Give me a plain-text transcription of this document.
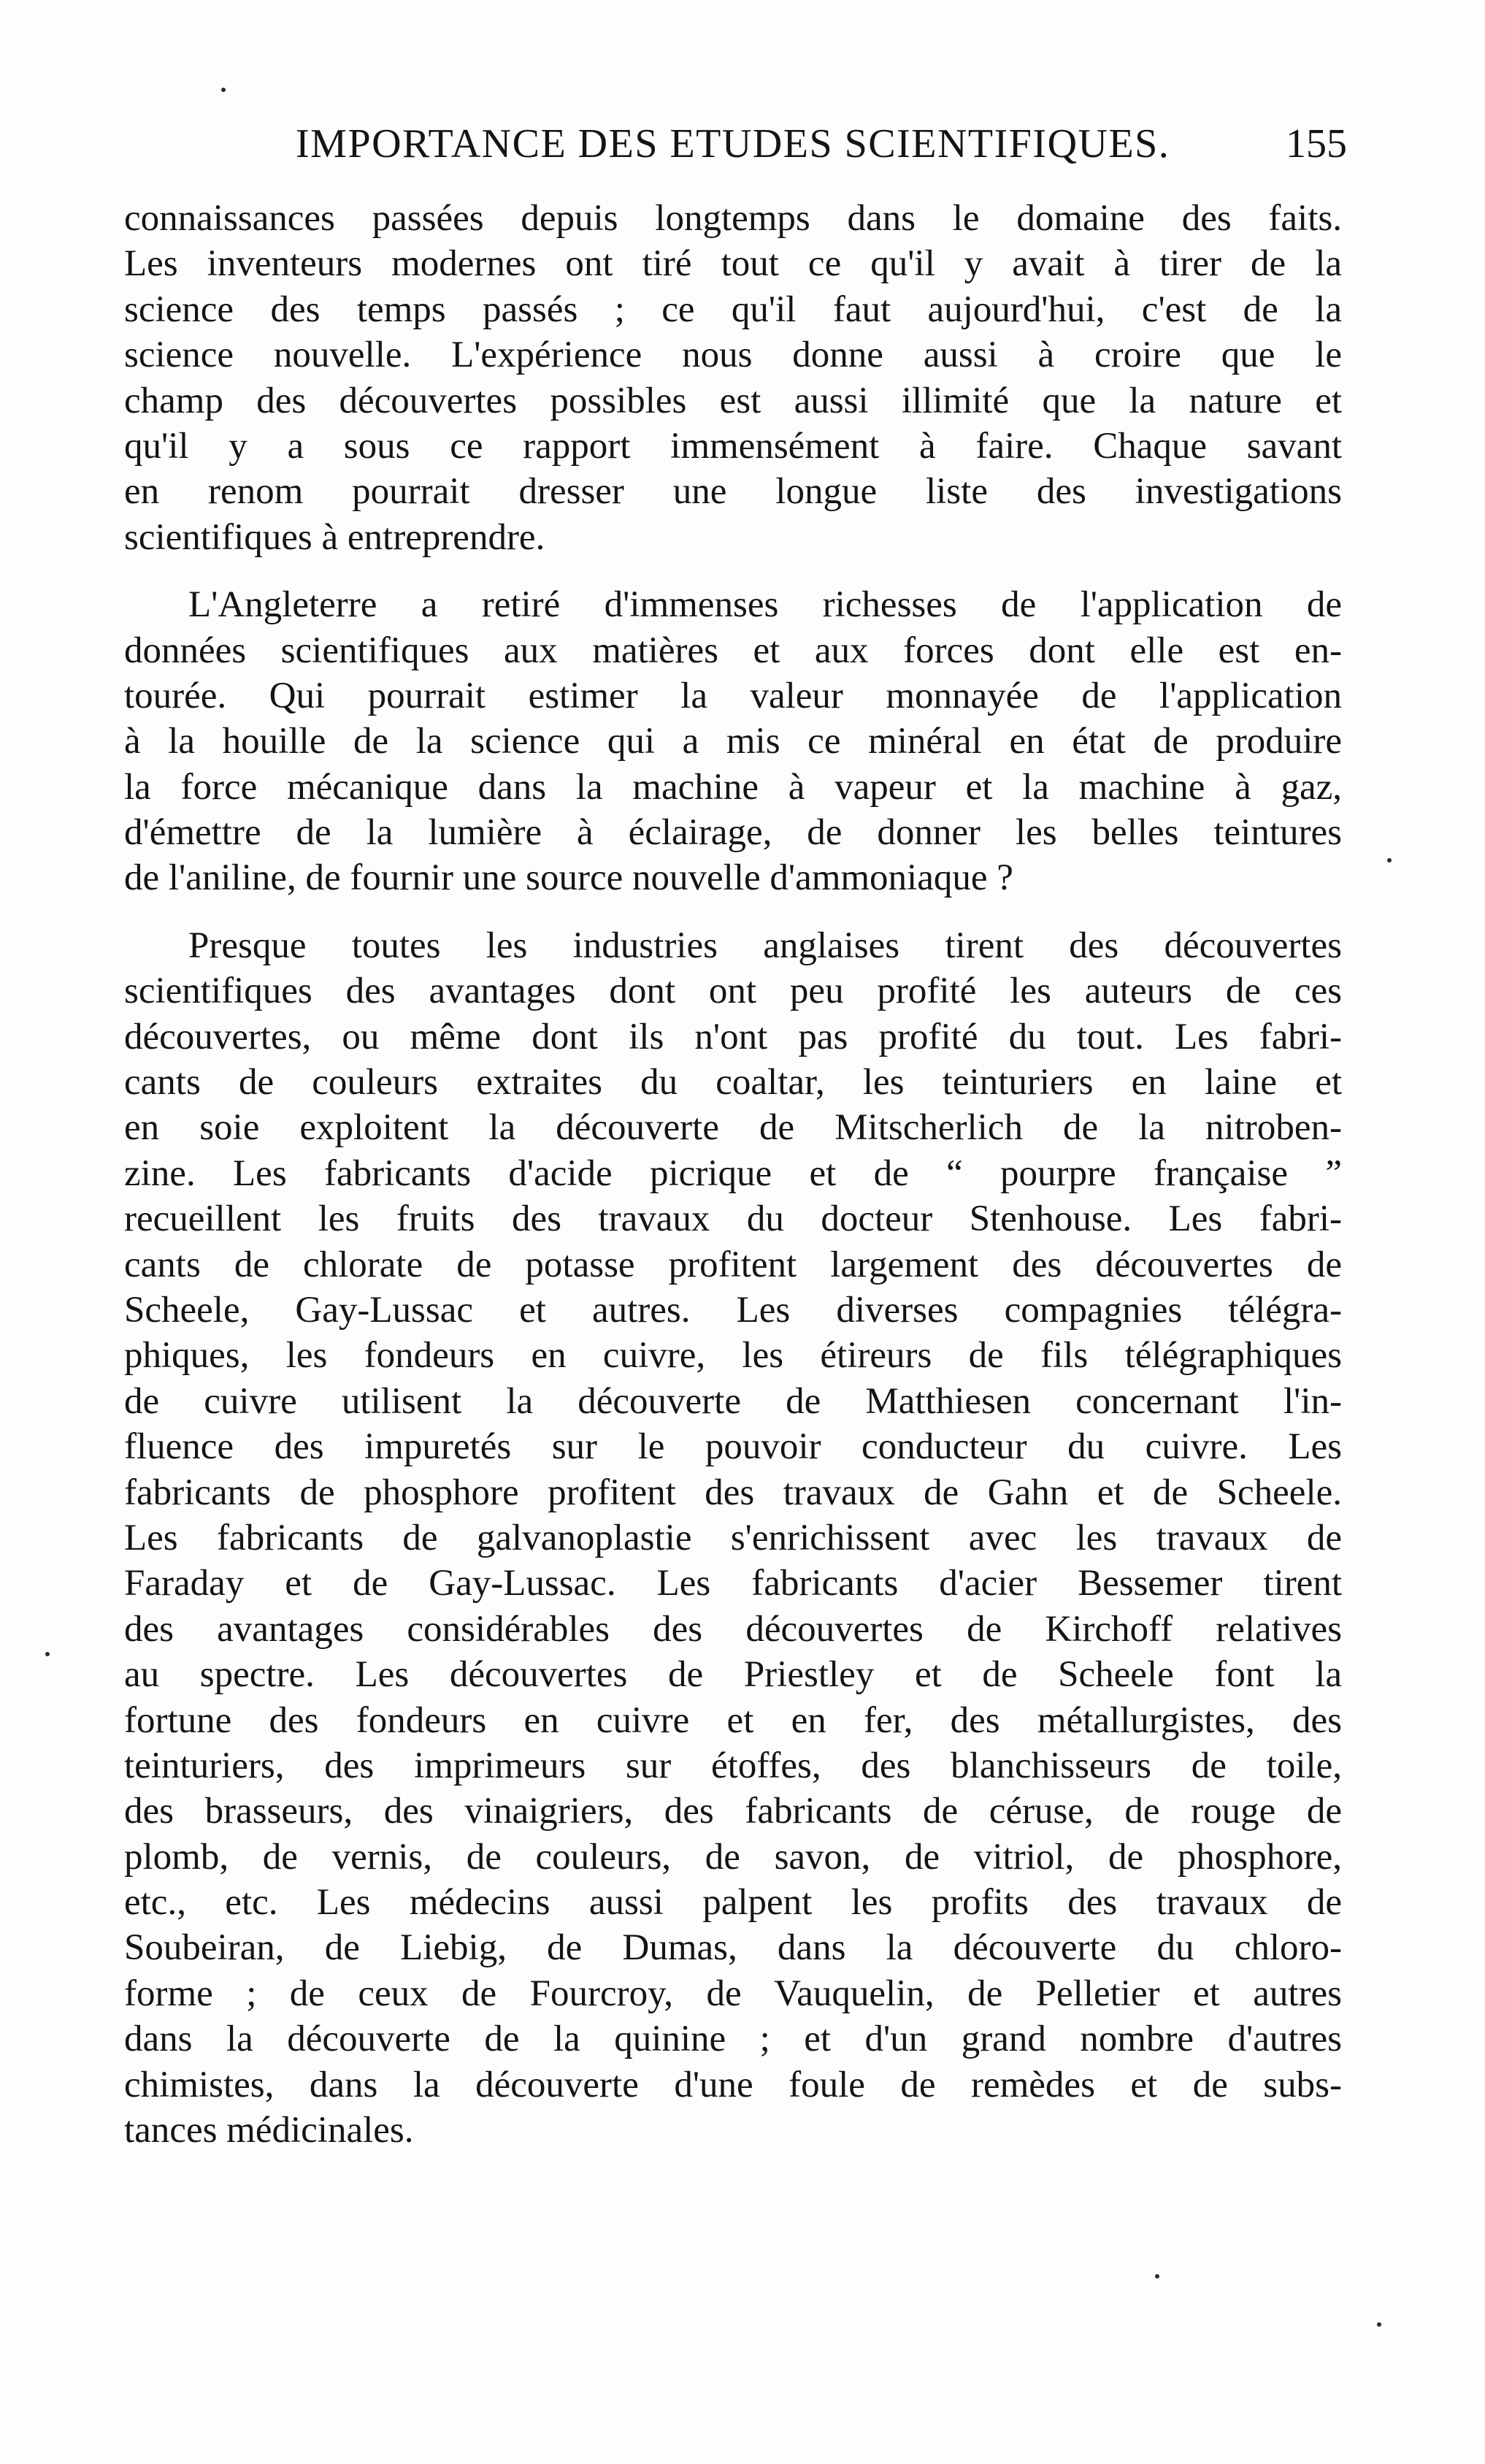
IMPORTANCE DES ETUDES SCIENTIFIQUES.	155
connaissances passées depuis longtemps dans le domaine des faits.
Les inventeurs modernes ont tiré tout ce qu'il y avait à tirer de la
science des temps passés ; ce qu'il faut aujourd'hui, c'est de la
science nouvelle. L'expérience nous donne aussi à croire que le
champ des découvertes possibles est aussi illimité que la nature et
qu'il y a sous ce rapport immensément à faire. Chaque savant
en renom pourrait dresser une longue liste des investigations
scientifiques à entreprendre.
L'Angleterre a retiré d'immenses richesses de l'application de
données scientifiques aux matières et aux forces dont elle est en-
tourée. Qui pourrait estimer la valeur monnayée de l'application
à la houille de la science qui a mis ce minéral en état de produire
la force mécanique dans la machine à vapeur et la machine à gaz,
d'émettre de la lumière à éclairage, de donner les belles teintures
de l'aniline, de fournir une source nouvelle d'ammoniaque ?
Presque toutes les industries anglaises tirent des découvertes
scientifiques des avantages dont ont peu profité les auteurs de ces
découvertes, ou même dont ils n'ont pas profité du tout. Les fabri-
cants de couleurs extraites du coaltar, les teinturiers en laine et
en soie exploitent la découverte de Mitscherlich de la nitroben-
zine. Les fabricants d'acide picrique et de “ pourpre française ”
recueillent les fruits des travaux du docteur Stenhouse. Les fabri-
cants de chlorate de potasse profitent largement des découvertes de
Scheele, Gay-Lussac et autres. Les diverses compagnies télégra-
phiques, les fondeurs en cuivre, les étireurs de fils télégraphiques
de cuivre utilisent la découverte de Matthiesen concernant l'in-
fluence des impuretés sur le pouvoir conducteur du cuivre. Les
fabricants de phosphore profitent des travaux de Gahn et de Scheele.
Les fabricants de galvanoplastie s'enrichissent avec les travaux de
Faraday et de Gay-Lussac. Les fabricants d'acier Bessemer tirent
des avantages considérables des découvertes de Kirchoff relatives
au spectre. Les découvertes de Priestley et de Scheele font la
fortune des fondeurs en cuivre et en fer, des métallurgistes, des
teinturiers, des imprimeurs sur étoffes, des blanchisseurs de toile,
des brasseurs, des vinaigriers, des fabricants de céruse, de rouge de
plomb, de vernis, de couleurs, de savon, de vitriol, de phosphore,
etc., etc. Les médecins aussi palpent les profits des travaux de
Soubeiran, de Liebig, de Dumas, dans la découverte du chloro-
forme ; de ceux de Fourcroy, de Vauquelin, de Pelletier et autres
dans la découverte de la quinine ; et d'un grand nombre d'autres
chimistes, dans la découverte d'une foule de remèdes et de subs-
tances médicinales.
